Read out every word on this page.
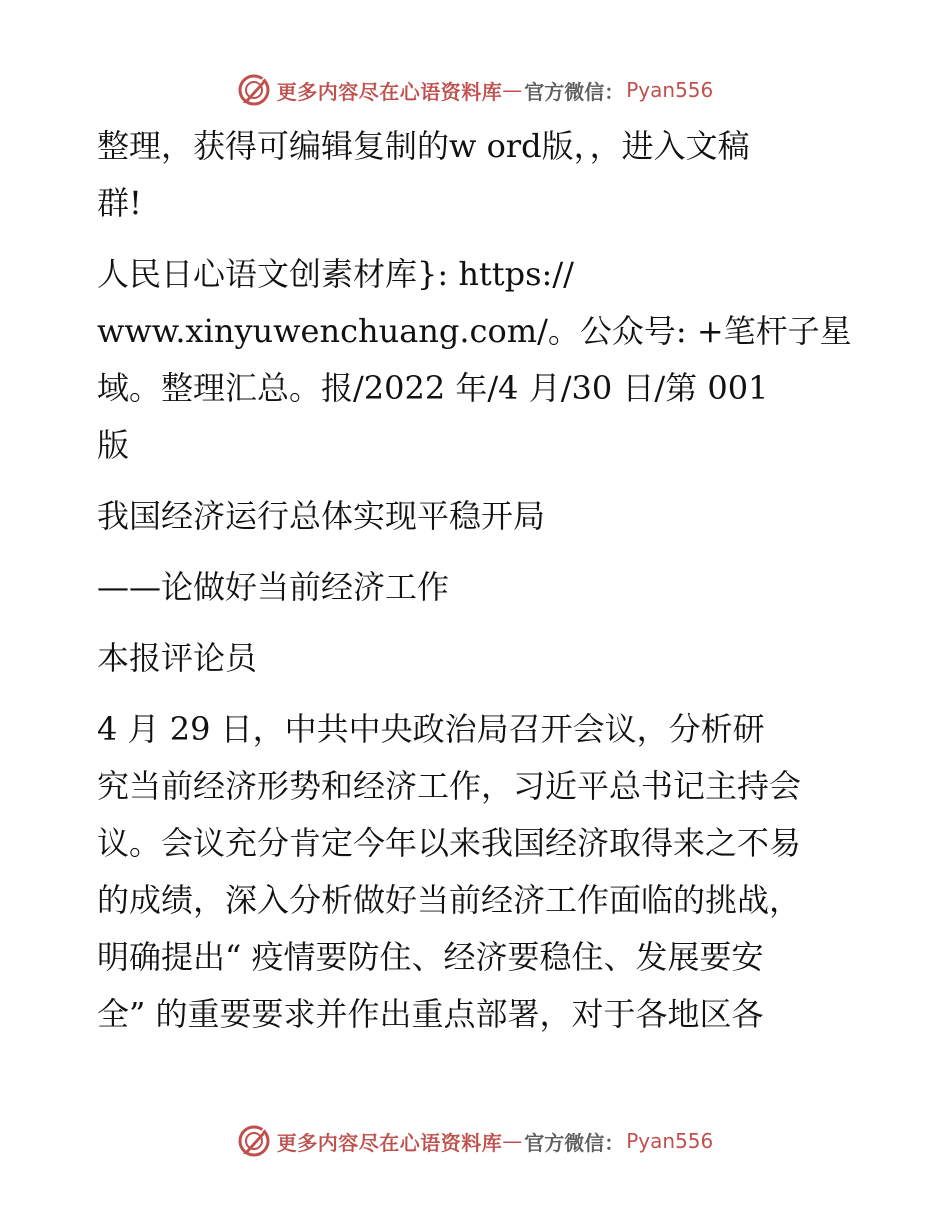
更多内容尽在心语资料库 — 官方微信： Pyan556

整理，获得可编辑复制的w ord版，，进入文稿
群!

人民日心语文创素材库}: https://
www.xinyuwenchuang.com/。公众号: +笔杆子星
域。整理汇总。报/2022 年/4 月/30 日/第 001
版

我国经济运行总体实现平稳开局

——论做好当前经济工作

本报评论员

4 月 29 日，中共中央政治局召开会议，分析研
究当前经济形势和经济工作，习近平总书记主持会
议。会议充分肯定今年以来我国经济取得来之不易
的成绩，深入分析做好当前经济工作面临的挑战，
明确提出“ 疫情要防住、经济要稳住、发展要安
全” 的重要要求并作出重点部署，对于各地区各

更多内容尽在心语资料库 — 官方微信： Pyan556
